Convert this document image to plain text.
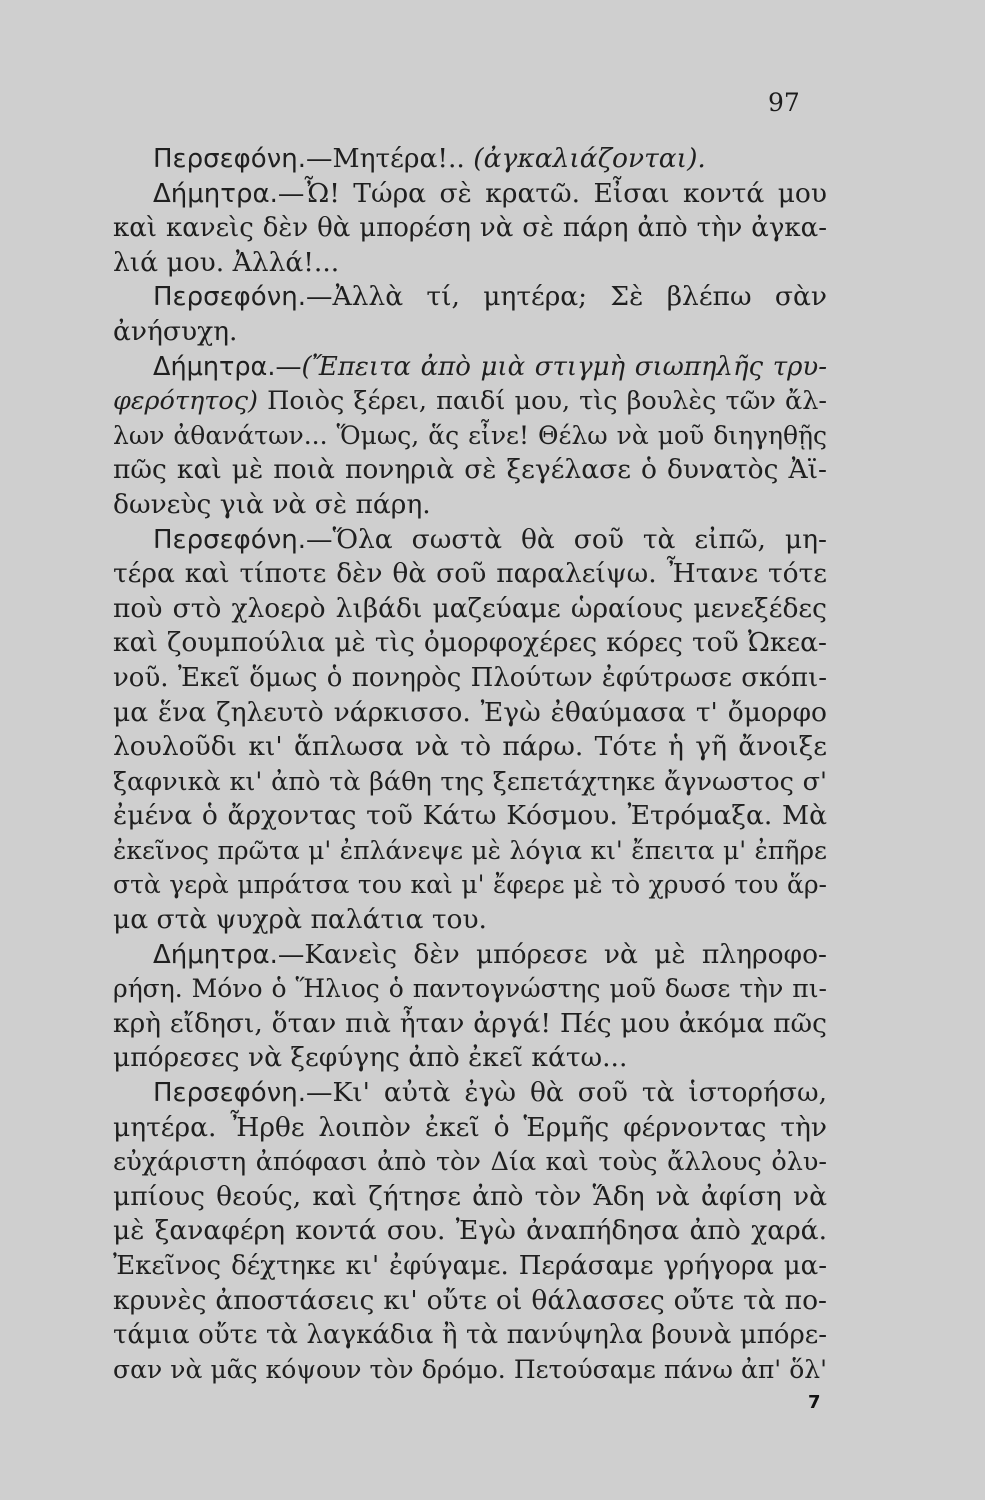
97
Περσεφόνη.—Μητέρα!.. (ἀγκαλιάζονται).
Δήμητρα.—Ὦ! Τώρα σὲ κρατῶ. Εἶσαι κοντά μου
καὶ κανεὶς δὲν θὰ μπορέση νὰ σὲ πάρη ἀπὸ τὴν ἀγκα-
λιά μου. Ἀλλά!...
Περσεφόνη.—Ἀλλὰ τί, μητέρα; Σὲ βλέπω σὰν
ἀνήσυχη.
Δήμητρα.—(Ἔπειτα ἀπὸ μιὰ στιγμὴ σιωπηλῆς τρυ-
φερότητος) Ποιὸς ξέρει, παιδί μου, τὶς βουλὲς τῶν ἄλ-
λων ἀθανάτων... Ὅμως, ἅς εἶνε! Θέλω νὰ μοῦ διηγηθῇς
πῶς καὶ μὲ ποιὰ πονηριὰ σὲ ξεγέλασε ὁ δυνατὸς Ἀϊ-
δωνεὺς γιὰ νὰ σὲ πάρη.
Περσεφόνη.—Ὅλα σωστὰ θὰ σοῦ τὰ εἰπῶ, μη-
τέρα καὶ τίποτε δὲν θὰ σοῦ παραλείψω. Ἦτανε τότε
ποὺ στὸ χλοερὸ λιβάδι μαζεύαμε ὡραίους μενεξέδες
καὶ ζουμπούλια μὲ τὶς ὀμορφοχέρες κόρες τοῦ Ὠκεα-
νοῦ. Ἐκεῖ ὅμως ὁ πονηρὸς Πλούτων ἐφύτρωσε σκόπι-
μα ἕνα ζηλευτὸ νάρκισσο. Ἐγὼ ἐθαύμασα τ' ὄμορφο
λουλοῦδι κι' ἅπλωσα νὰ τὸ πάρω. Τότε ἡ γῆ ἄνοιξε
ξαφνικὰ κι' ἀπὸ τὰ βάθη της ξεπετάχτηκε ἄγνωστος σ'
ἐμένα ὁ ἄρχοντας τοῦ Κάτω Κόσμου. Ἐτρόμαξα. Μὰ
ἐκεῖνος πρῶτα μ' ἐπλάνεψε μὲ λόγια κι' ἔπειτα μ' ἐπῆρε
στὰ γερὰ μπράτσα του καὶ μ' ἔφερε μὲ τὸ χρυσό του ἅρ-
μα στὰ ψυχρὰ παλάτια του.
Δήμητρα.—Κανεὶς δὲν μπόρεσε νὰ μὲ πληροφο-
ρήση. Μόνο ὁ Ἥλιος ὁ παντογνώστης μοῦ δωσε τὴν πι-
κρὴ εἴδησι, ὅταν πιὰ ἦταν ἀργά! Πές μου ἀκόμα πῶς
μπόρεσες νὰ ξεφύγης ἀπὸ ἐκεῖ κάτω...
Περσεφόνη.—Κι' αὐτὰ ἐγὼ θὰ σοῦ τὰ ἱστορήσω,
μητέρα. Ἦρθε λοιπὸν ἐκεῖ ὁ Ἑρμῆς φέρνοντας τὴν
εὐχάριστη ἀπόφασι ἀπὸ τὸν Δία καὶ τοὺς ἄλλους ὀλυ-
μπίους θεούς, καὶ ζήτησε ἀπὸ τὸν Ἅδη νὰ ἀφίση νὰ
μὲ ξαναφέρη κοντά σου. Ἐγὼ ἀναπήδησα ἀπὸ χαρά.
Ἐκεῖνος δέχτηκε κι' ἐφύγαμε. Περάσαμε γρήγορα μα-
κρυνὲς ἀποστάσεις κι' οὔτε οἱ θάλασσες οὔτε τὰ πο-
τάμια οὔτε τὰ λαγκάδια ἢ τὰ πανύψηλα βουνὰ μπόρε-
σαν νὰ μᾶς κόψουν τὸν δρόμο. Πετούσαμε πάνω ἀπ' ὅλ'
7
